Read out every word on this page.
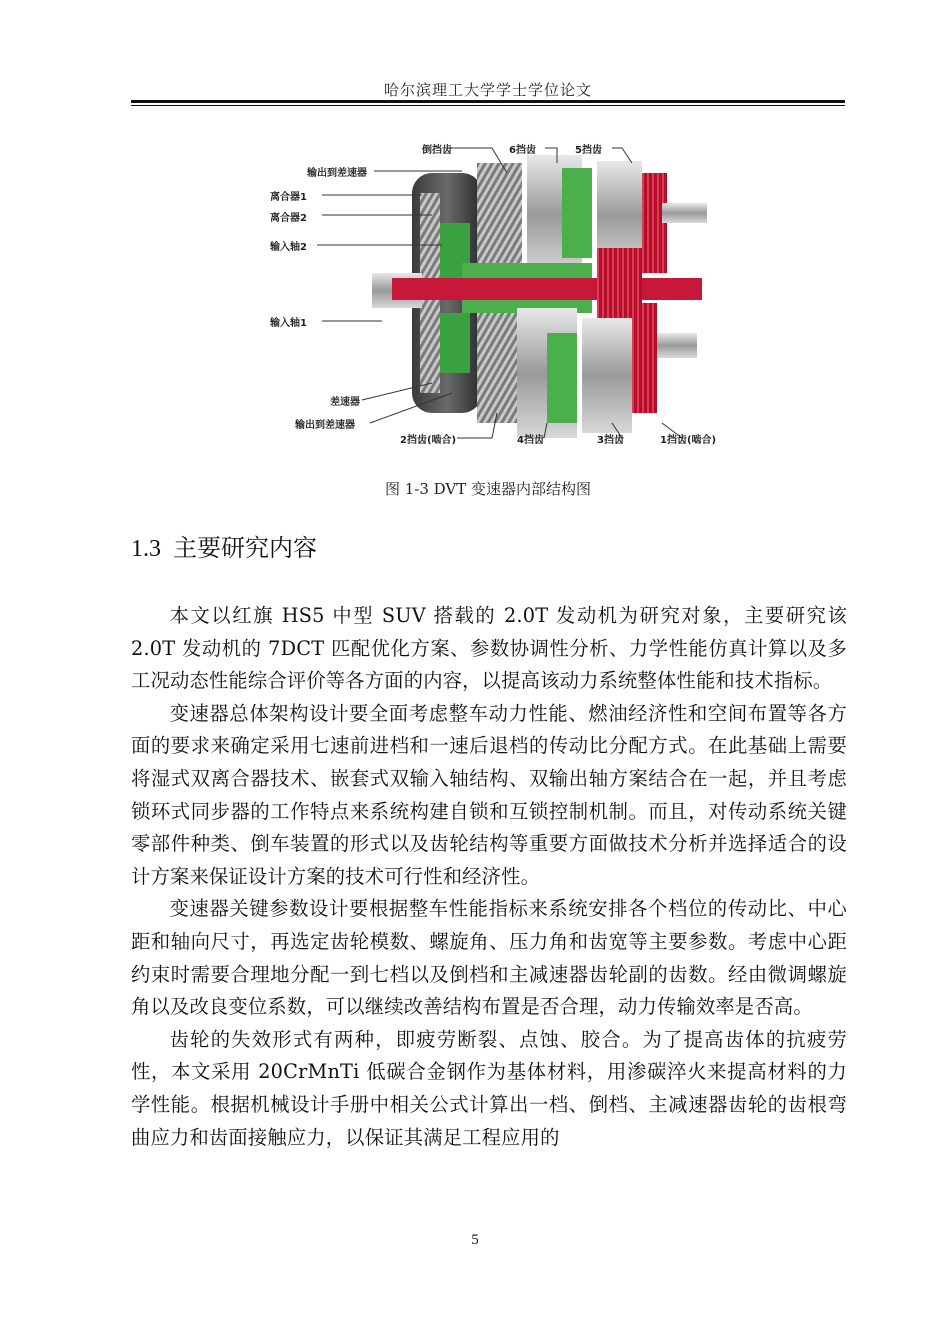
哈尔滨理工大学学士学位论文
倒挡齿	6挡齿	5挡齿
输出到差速器
离合器1
离合器2
输入轴2
输入轴1
差速器
输出到差速器
2挡齿(啮合)	4挡齿	3挡齿	1挡齿(啮合)
图 1-3 DVT 变速器内部结构图
1.3 主要研究内容

本文以红旗 HS5 中型 SUV 搭载的 2.0T 发动机为研究对象，主要研究该 2.0T 发动机的 7DCT 匹配优化方案、参数协调性分析、力学性能仿真计算以及多工况动态性能综合评价等各方面的内容，以提高该动力系统整体性能和技术指标。

变速器总体架构设计要全面考虑整车动力性能、燃油经济性和空间布置等各方面的要求来确定采用七速前进档和一速后退档的传动比分配方式。在此基础上需要将湿式双离合器技术、嵌套式双输入轴结构、双输出轴方案结合在一起，并且考虑锁环式同步器的工作特点来系统构建自锁和互锁控制机制。而且，对传动系统关键零部件种类、倒车装置的形式以及齿轮结构等重要方面做技术分析并选择适合的设计方案来保证设计方案的技术可行性和经济性。

变速器关键参数设计要根据整车性能指标来系统安排各个档位的传动比、中心距和轴向尺寸，再选定齿轮模数、螺旋角、压力角和齿宽等主要参数。考虑中心距约束时需要合理地分配一到七档以及倒档和主减速器齿轮副的齿数。经由微调螺旋角以及改良变位系数，可以继续改善结构布置是否合理，动力传输效率是否高。

齿轮的失效形式有两种，即疲劳断裂、点蚀、胶合。为了提高齿体的抗疲劳性，本文采用 20CrMnTi 低碳合金钢作为基体材料，用渗碳淬火来提高材料的力学性能。根据机械设计手册中相关公式计算出一档、倒档、主减速器齿轮的齿根弯曲应力和齿面接触应力，以保证其满足工程应用的

5
